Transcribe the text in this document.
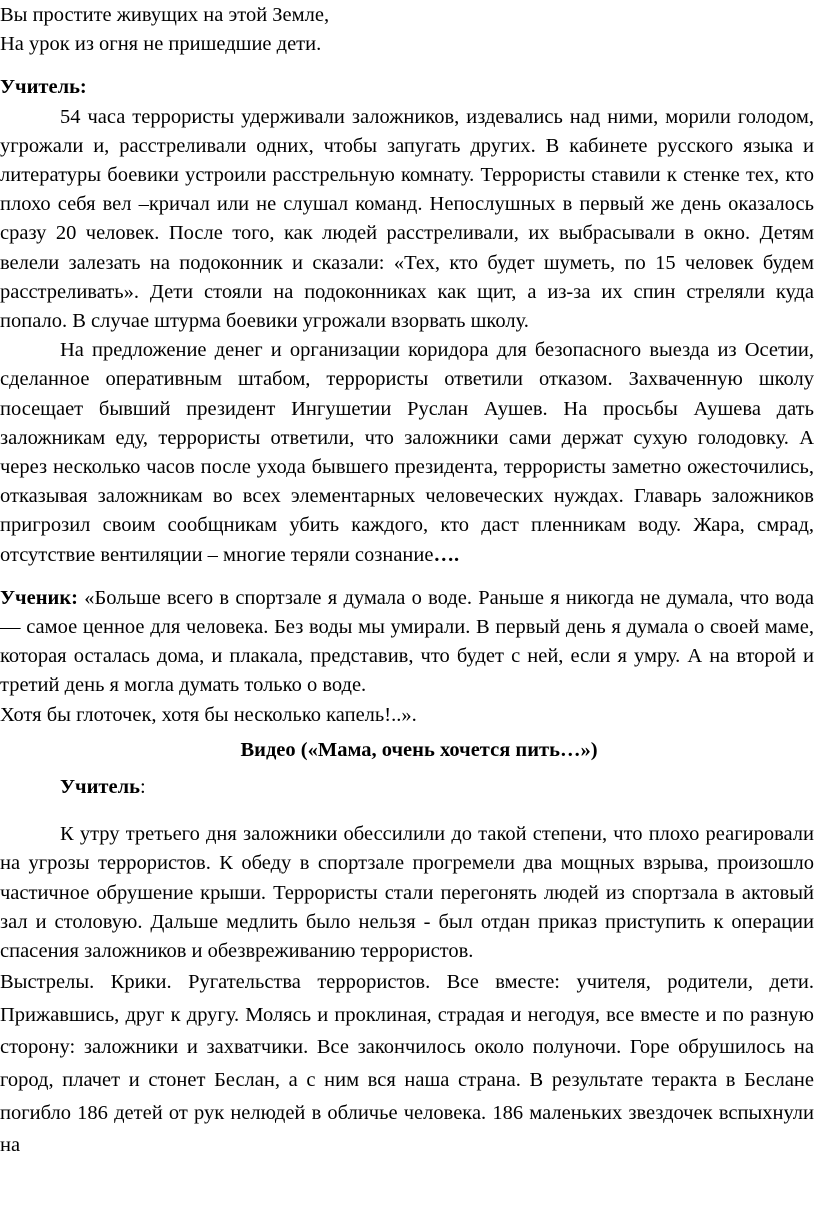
Вы простите живущих на этой Земле,

На урок из огня не пришедшие дети.

Учитель:

54 часа террористы удерживали заложников, издевались над ними, морили голодом, угрожали и, расстреливали одних, чтобы запугать других. В кабинете русского языка и литературы боевики устроили расстрельную комнату. Террористы ставили к стенке тех, кто плохо себя вел –кричал или не слушал команд. Непослушных в первый же день оказалось сразу 20 человек. После того, как людей расстреливали, их выбрасывали в окно. Детям велели залезать на подоконник и сказали: «Тех, кто будет шуметь, по 15 человек будем расстреливать». Дети стояли на подоконниках как щит, а из-за их спин стреляли куда попало. В случае штурма боевики угрожали взорвать школу.

На предложение денег и организации коридора для безопасного выезда из Осетии, сделанное оперативным штабом, террористы ответили отказом. Захваченную школу посещает бывший президент Ингушетии Руслан Аушев. На просьбы Аушева дать заложникам еду, террористы ответили, что заложники сами держат сухую голодовку. А через несколько часов после ухода бывшего президента, террористы заметно ожесточились, отказывая заложникам во всех элементарных человеческих нуждах. Главарь заложников пригрозил своим сообщникам убить каждого, кто даст пленникам воду. Жара, смрад, отсутствие вентиляции – многие теряли сознание….

Ученик: «Больше всего в спортзале я думала о воде. Раньше я никогда не думала, что вода — самое ценное для человека. Без воды мы умирали. В первый день я думала о своей маме, которая осталась дома, и плакала, представив, что будет с ней, если я умру. А на второй и третий день я могла думать только о воде.

Хотя бы глоточек, хотя бы несколько капель!..».

Видео («Мама, очень хочется пить…»)

Учитель:

К утру третьего дня заложники обессилили до такой степени, что плохо реагировали на угрозы террористов. К обеду в спортзале прогремели два мощных взрыва, произошло частичное обрушение крыши. Террористы стали перегонять людей из спортзала в актовый зал и столовую. Дальше медлить было нельзя - был отдан приказ приступить к операции спасения заложников и обезвреживанию террористов.

Выстрелы. Крики. Ругательства террористов. Все вместе: учителя, родители, дети. Прижавшись, друг к другу. Молясь и проклиная, страдая и негодуя, все вместе и по разную сторону: заложники и захватчики. Все закончилось около полуночи. Горе обрушилось на город, плачет и стонет Беслан, а с ним вся наша страна. В результате теракта в Беслане погибло 186 детей от рук нелюдей в обличье человека. 186 маленьких звездочек вспыхнули на
